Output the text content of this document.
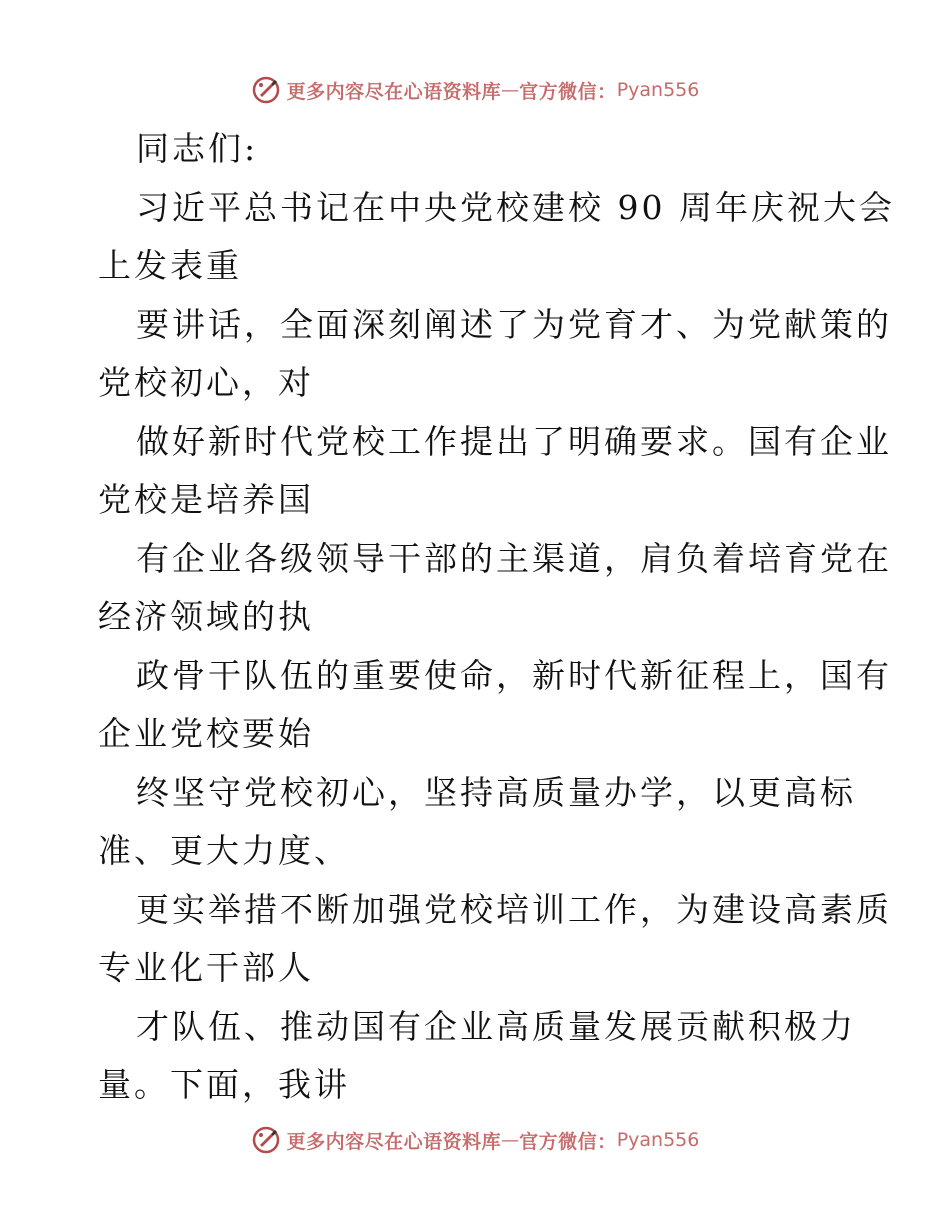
更多内容尽在心语资料库 — 官方微信： Pyan556

同志们:

习近平总书记在中央党校建校 90 周年庆祝大会

上发表重

要讲话，全面深刻阐述了为党育才、为党献策的

党校初心，对

做好新时代党校工作提出了明确要求。国有企业

党校是培养国

有企业各级领导干部的主渠道，肩负着培育党在

经济领域的执

政骨干队伍的重要使命，新时代新征程上，国有

企业党校要始

终坚守党校初心，坚持高质量办学，以更高标

准、更大力度、

更实举措不断加强党校培训工作，为建设高素质

专业化干部人

才队伍、推动国有企业高质量发展贡献积极力

量。下面，我讲

更多内容尽在心语资料库 — 官方微信： Pyan556
